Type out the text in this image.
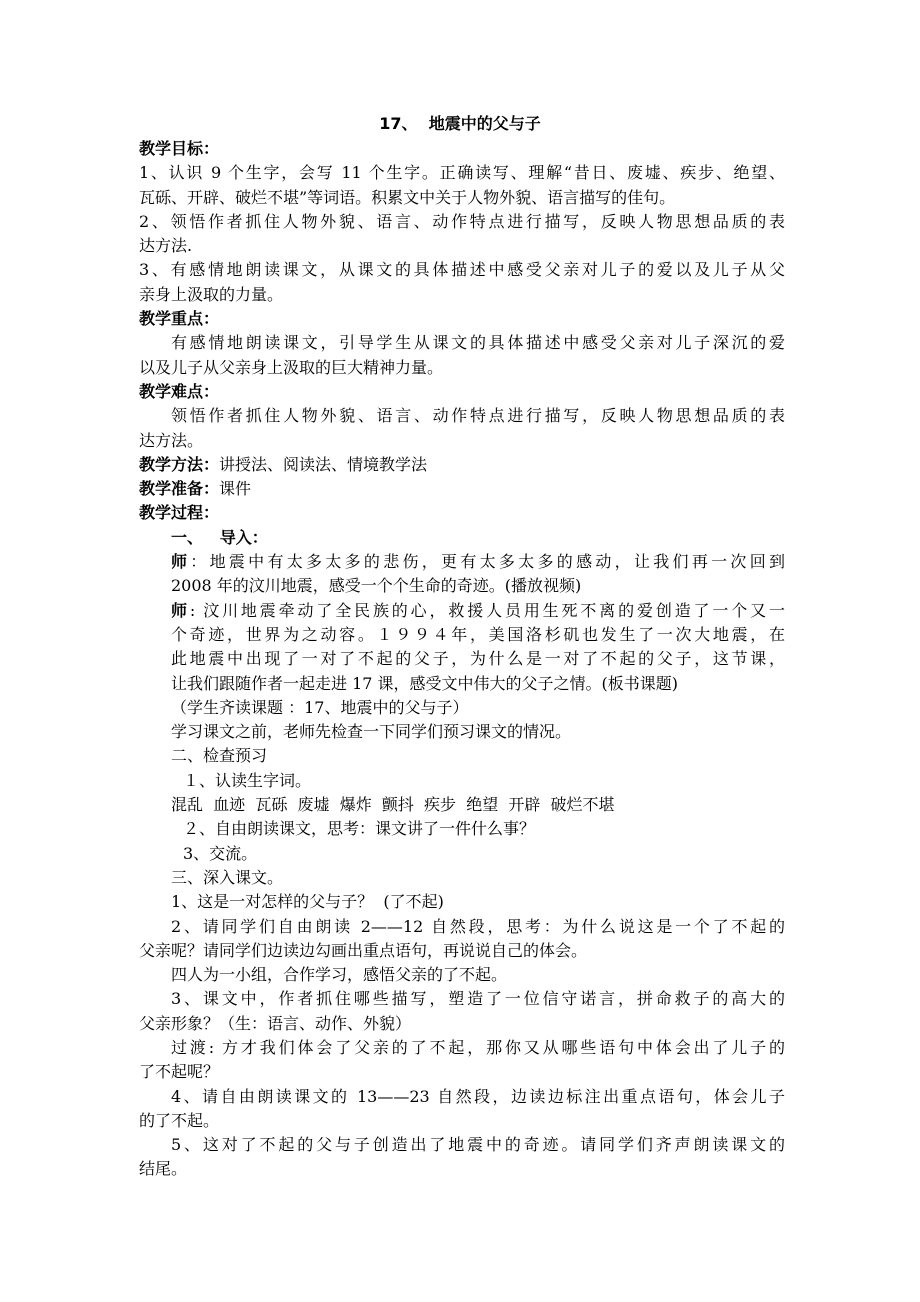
17、  地震中的父与子
教学目标：
1、认识 9 个生字，会写 11 个生字。正确读写、理解“昔日、废墟、疾步、绝望、
瓦砾、开辟、破烂不堪”等词语。积累文中关于人物外貌、语言描写的佳句。
2、领悟作者抓住人物外貌、语言、动作特点进行描写，反映人物思想品质的表
达方法.
3、有感情地朗读课文，从课文的具体描述中感受父亲对儿子的爱以及儿子从父
亲身上汲取的力量。
教学重点：
有感情地朗读课文，引导学生从课文的具体描述中感受父亲对儿子深沉的爱
以及儿子从父亲身上汲取的巨大精神力量。
教学难点：
领悟作者抓住人物外貌、语言、动作特点进行描写，反映人物思想品质的表
达方法。
教学方法：讲授法、阅读法、情境教学法
教学准备：课件
教学过程：
一、   导入：
师：地震中有太多太多的悲伤，更有太多太多的感动，让我们再一次回到
2008 年的汶川地震，感受一个个生命的奇迹。(播放视频)
师: 汶川地震牵动了全民族的心，救援人员用生死不离的爱创造了一个又一
个奇迹，世界为之动容。１９９４年，美国洛杉矶也发生了一次大地震，在
此地震中出现了一对了不起的父子，为什么是一对了不起的父子，这节课，
让我们跟随作者一起走进 17 课，感受文中伟大的父子之情。(板书课题)
（学生齐读课题 ：17、地震中的父与子）
学习课文之前，老师先检查一下同学们预习课文的情况。
二、检查预习
１、认读生字词。
混乱  血迹  瓦砾  废墟  爆炸  颤抖  疾步  绝望  开辟  破烂不堪
２、自由朗读课文，思考：课文讲了一件什么事？
3、交流。
三、深入课文。
1、这是一对怎样的父与子？  (了不起)
2、请同学们自由朗读 2——12 自然段，思考：为什么说这是一个了不起的
父亲呢？请同学们边读边勾画出重点语句，再说说自己的体会。
四人为一小组，合作学习，感悟父亲的了不起。
3、课文中，作者抓住哪些描写，塑造了一位信守诺言，拼命救子的高大的
父亲形象？（生：语言、动作、外貌）
过渡: 方才我们体会了父亲的了不起，那你又从哪些语句中体会出了儿子的
了不起呢？
4、请自由朗读课文的 13——23 自然段，边读边标注出重点语句，体会儿子
的了不起。
5、这对了不起的父与子创造出了地震中的奇迹。请同学们齐声朗读课文的
结尾。
